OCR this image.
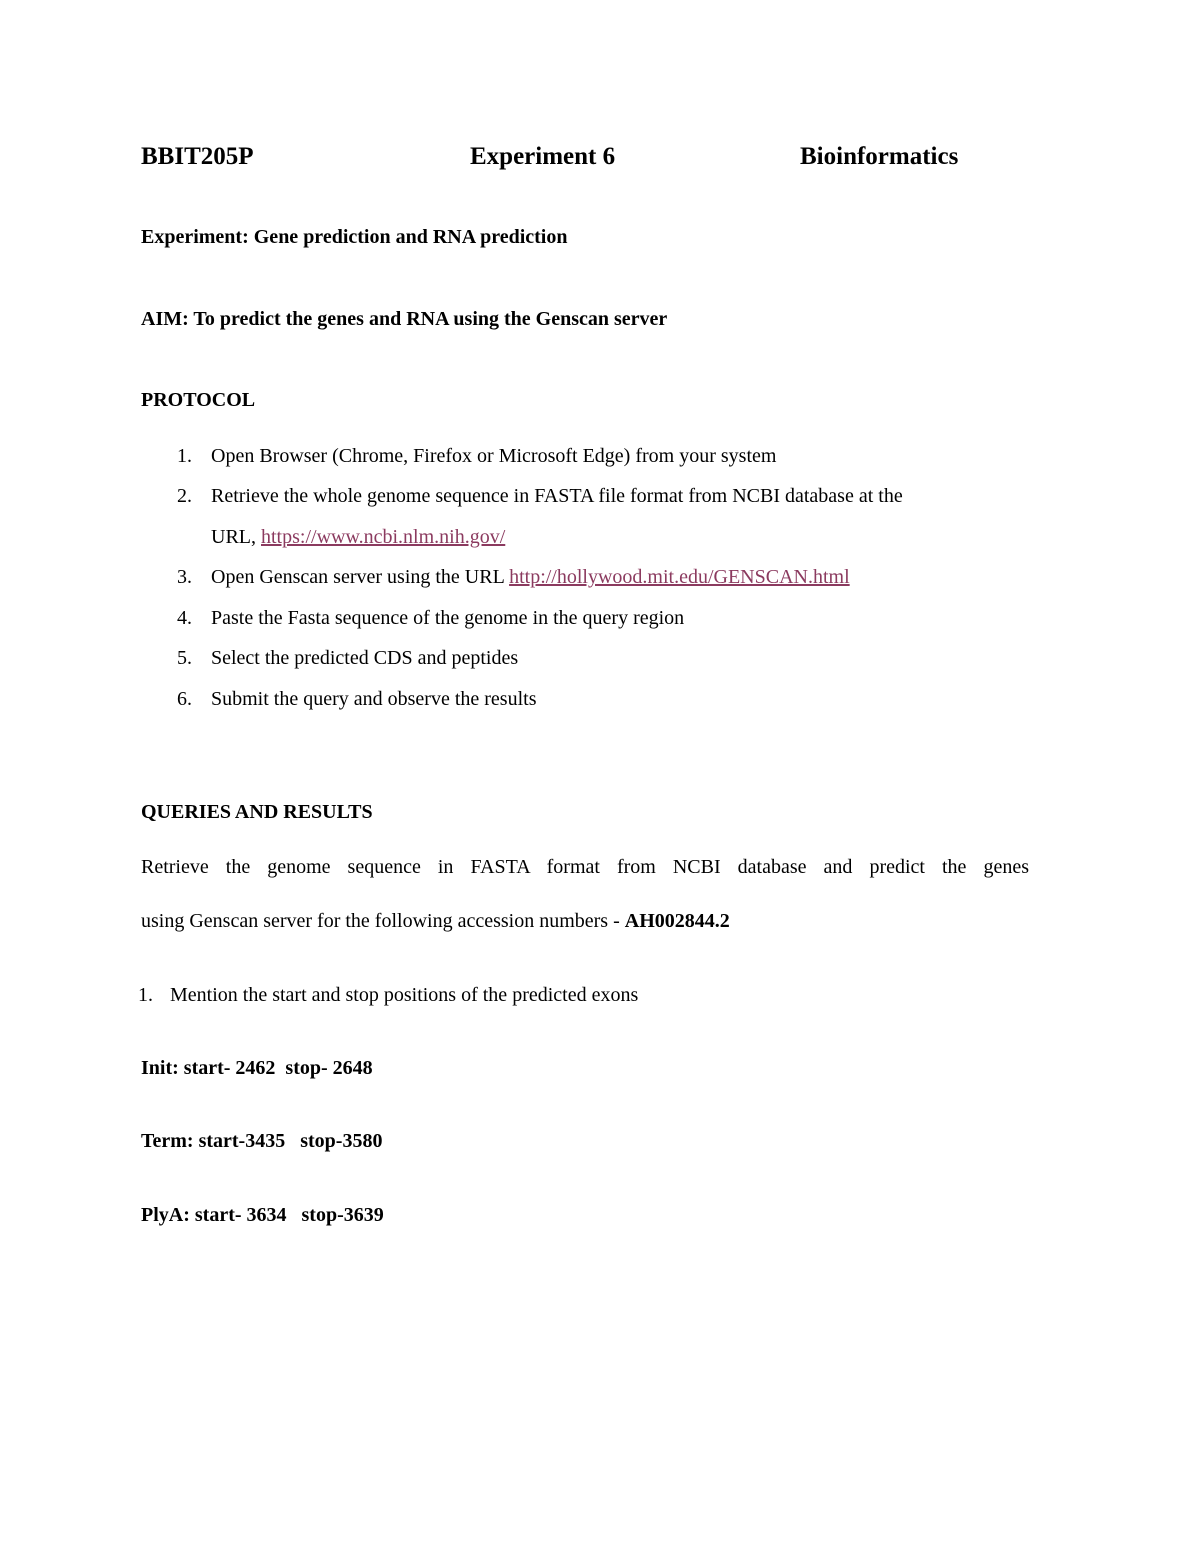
BBIT205P	Experiment 6	Bioinformatics
Experiment: Gene prediction and RNA prediction
AIM: To predict the genes and RNA using the Genscan server
PROTOCOL
1. Open Browser (Chrome, Firefox or Microsoft Edge) from your system
2. Retrieve the whole genome sequence in FASTA file format from NCBI database at the
URL, https://www.ncbi.nlm.nih.gov/
3. Open Genscan server using the URL http://hollywood.mit.edu/GENSCAN.html
4. Paste the Fasta sequence of the genome in the query region
5. Select the predicted CDS and peptides
6. Submit the query and observe the results
QUERIES AND RESULTS
Retrieve the genome sequence in FASTA format from NCBI database and predict the genes
using Genscan server for the following accession numbers - AH002844.2
1. Mention the start and stop positions of the predicted exons
Init: start- 2462  stop- 2648
Term: start-3435   stop-3580
PlyA: start- 3634   stop-3639
